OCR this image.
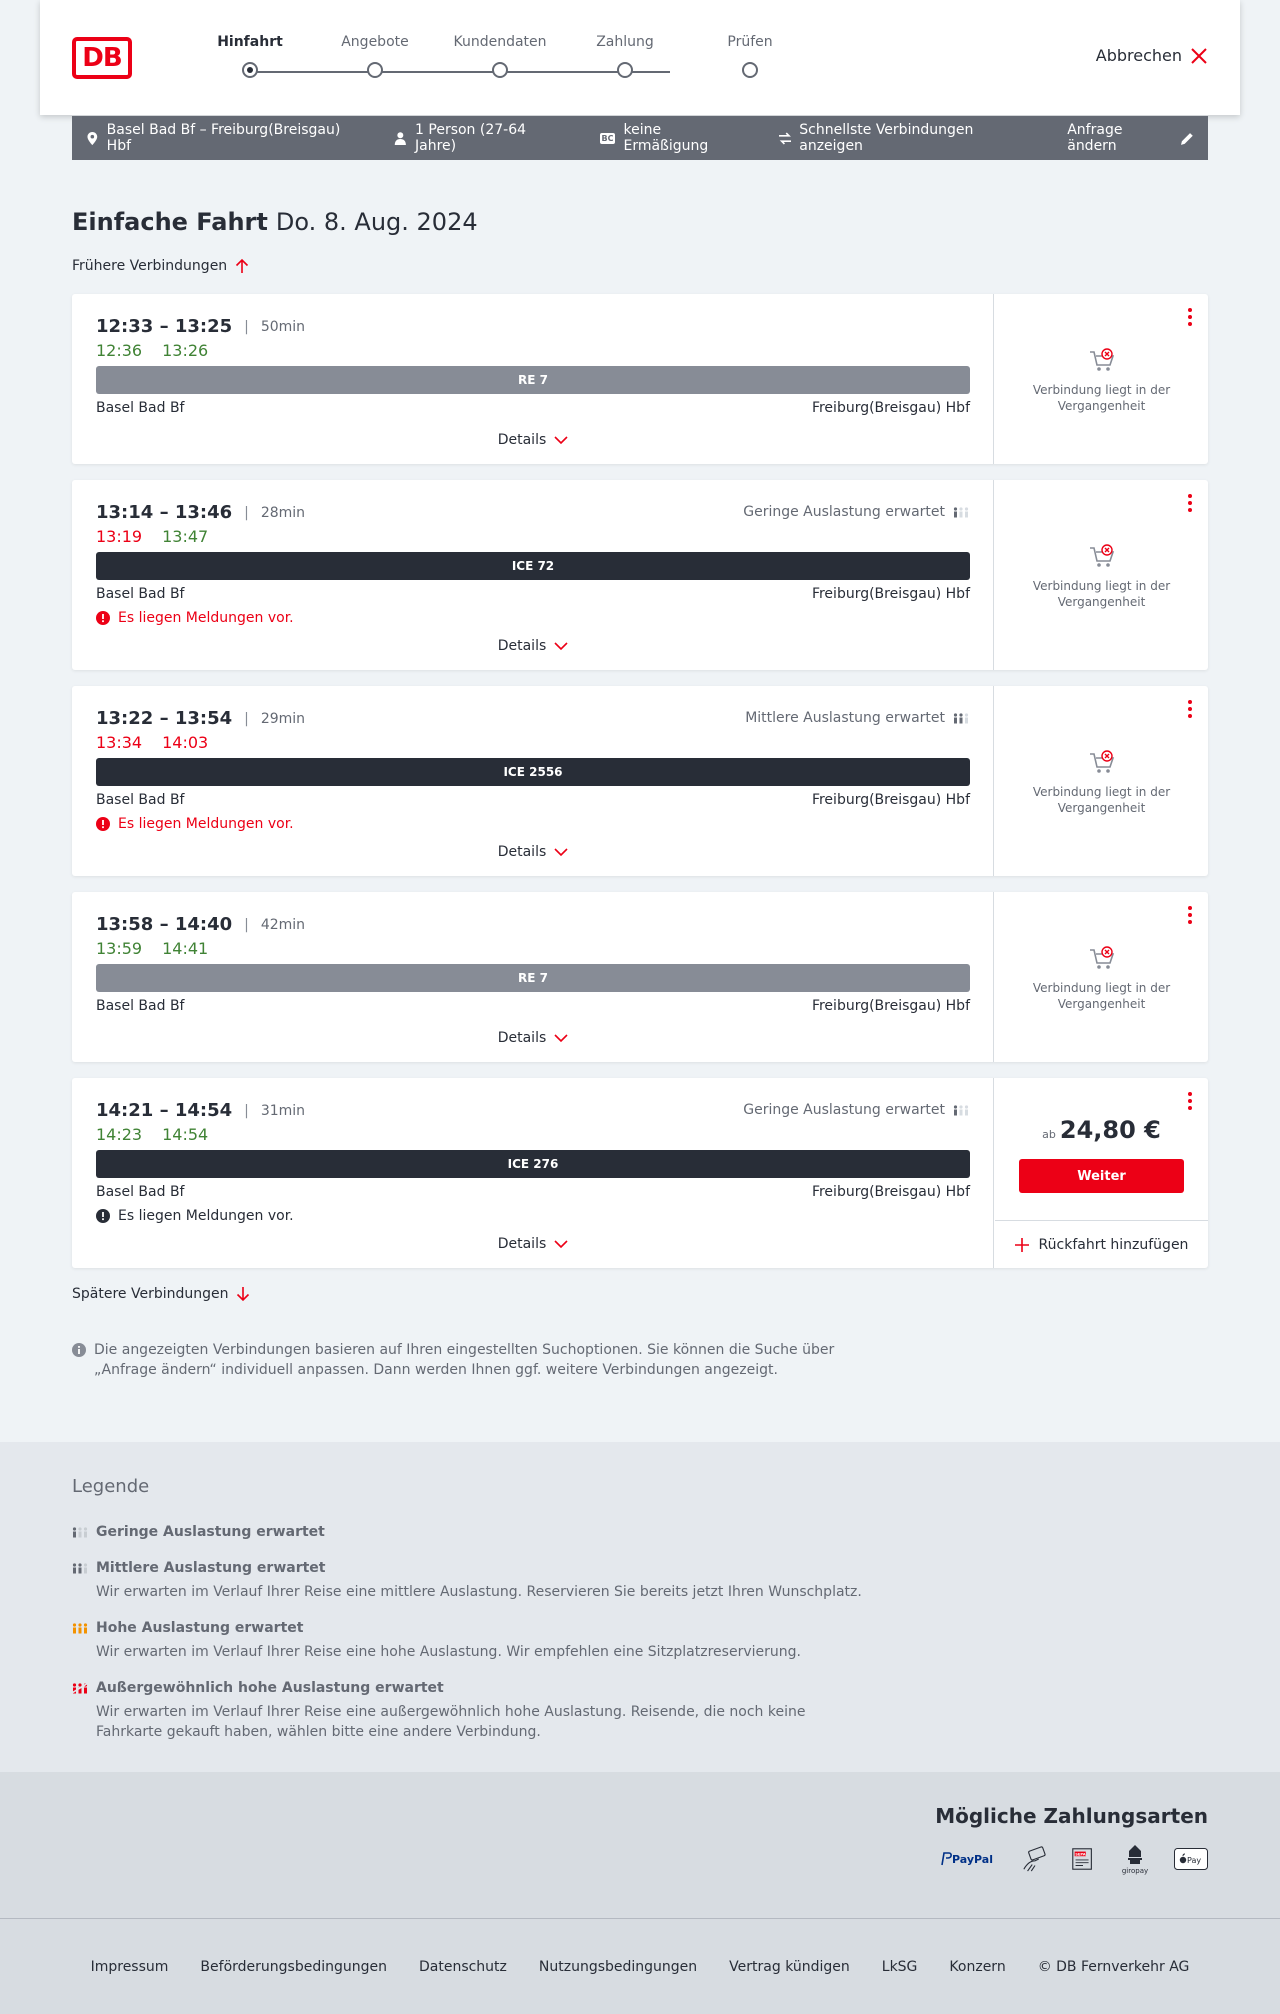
DB
Hinfahrt	Angebote	Kundendaten	Zahlung	Prüfen
Abbrechen
Basel Bad Bf – Freiburg(Breisgau) Hbf
1 Person (27-64 Jahre)	BC keine Ermäßigung
Schnellste Verbindungen anzeigen
Anfrage ändern
Einfache Fahrt Do. 8. Aug. 2024
Frühere Verbindungen
12:33 – 13:25 | 50min
12:36 13:26
RE 7
Basel Bad Bf	Freiburg(Breisgau) Hbf
Details
Verbindung liegt in der Vergangenheit
13:14 – 13:46 | 28min
13:19 13:47
Geringe Auslastung erwartet
ICE 72
Basel Bad Bf	Freiburg(Breisgau) Hbf
Es liegen Meldungen vor.
Details
Verbindung liegt in der Vergangenheit
13:22 – 13:54 | 29min
13:34 14:03
Mittlere Auslastung erwartet
ICE 2556
Basel Bad Bf	Freiburg(Breisgau) Hbf
Es liegen Meldungen vor.
Details
Verbindung liegt in der Vergangenheit
13:58 – 14:40 | 42min
13:59 14:41
RE 7
Basel Bad Bf	Freiburg(Breisgau) Hbf
Details
Verbindung liegt in der Vergangenheit
14:21 – 14:54 | 31min
14:23 14:54
Geringe Auslastung erwartet
ICE 276
Basel Bad Bf	Freiburg(Breisgau) Hbf
Es liegen Meldungen vor.
Details
ab 24,80 €
Weiter
Rückfahrt hinzufügen
Spätere Verbindungen
Die angezeigten Verbindungen basieren auf Ihren eingestellten Suchoptionen. Sie können die Suche über „Anfrage ändern“ individuell anpassen. Dann werden Ihnen ggf. weitere Verbindungen angezeigt.
Legende
Geringe Auslastung erwartet
Mittlere Auslastung erwartet
Wir erwarten im Verlauf Ihrer Reise eine mittlere Auslastung. Reservieren Sie bereits jetzt Ihren Wunschplatz.
Hohe Auslastung erwartet
Wir erwarten im Verlauf Ihrer Reise eine hohe Auslastung. Wir empfehlen eine Sitzplatzreservierung.
Außergewöhnlich hohe Auslastung erwartet
Wir erwarten im Verlauf Ihrer Reise eine außergewöhnlich hohe Auslastung. Reisende, die noch keine Fahrkarte gekauft haben, wählen bitte eine andere Verbindung.
Mögliche Zahlungsarten
PayPal	SEPA
giropay
Pay
Impressum Beförderungsbedingungen Datenschutz Nutzungsbedingungen Vertrag kündigen LkSG Konzern © DB Fernverkehr AG
